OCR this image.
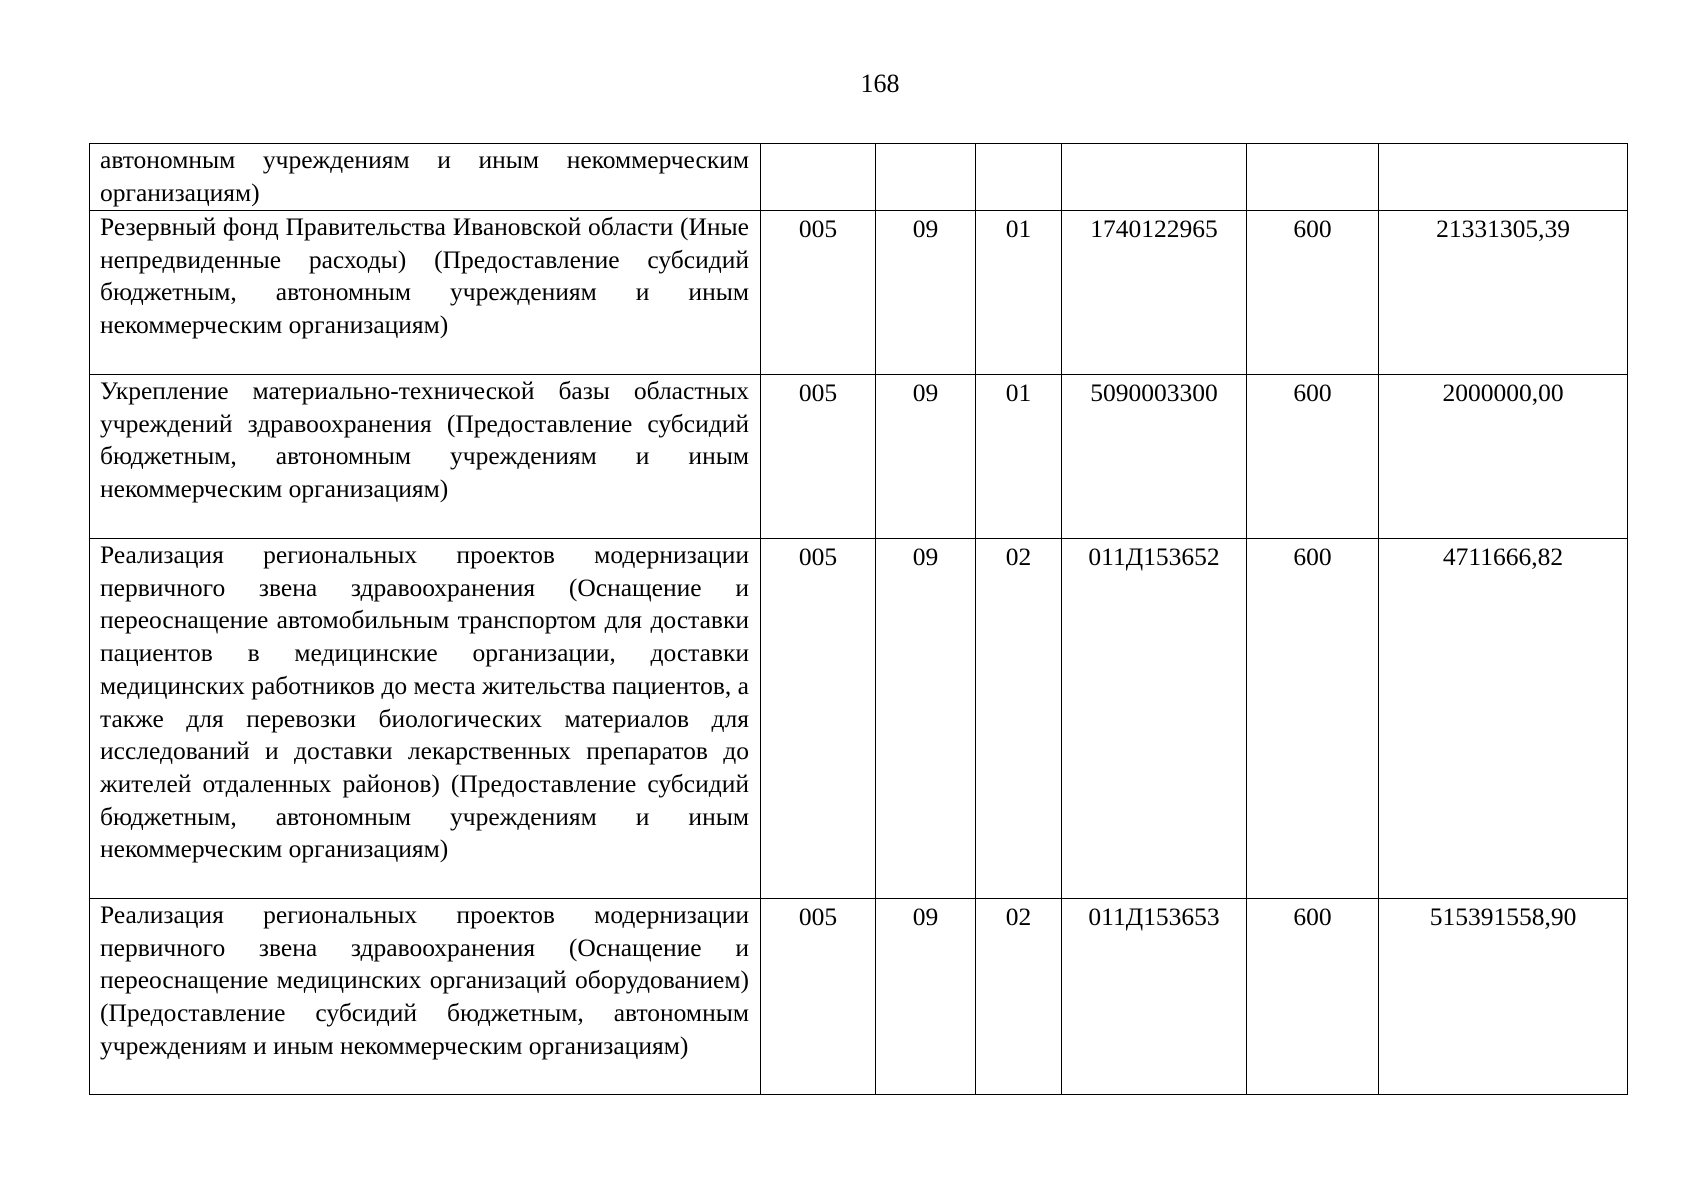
168
автономным учреждениям и иным некоммерческим организациям)						
Резервный фонд Правительства Ивановской области (Иные непредвиденные расходы) (Предоставление субсидий бюджетным, автономным учреждениям и иным некоммерческим организациям)	005	09	01	1740122965	600	21331305,39
Укрепление материально-технической базы областных учреждений здравоохранения (Предоставление субсидий бюджетным, автономным учреждениям и иным некоммерческим организациям)	005	09	01	5090003300	600	2000000,00
Реализация региональных проектов модернизации первичного звена здравоохранения (Оснащение и переоснащение автомобильным транспортом для доставки пациентов в медицинские организации, доставки медицинских работников до места жительства пациентов, а также для перевозки биологических материалов для исследований и доставки лекарственных препаратов до жителей отдаленных районов) (Предоставление субсидий бюджетным, автономным учреждениям и иным некоммерческим организациям)	005	09	02	011Д153652	600	4711666,82
Реализация региональных проектов модернизации первичного звена здравоохранения (Оснащение и переоснащение медицинских организаций оборудованием) (Предоставление субсидий бюджетным, автономным учреждениям и иным некоммерческим организациям)	005	09	02	011Д153653	600	515391558,90
